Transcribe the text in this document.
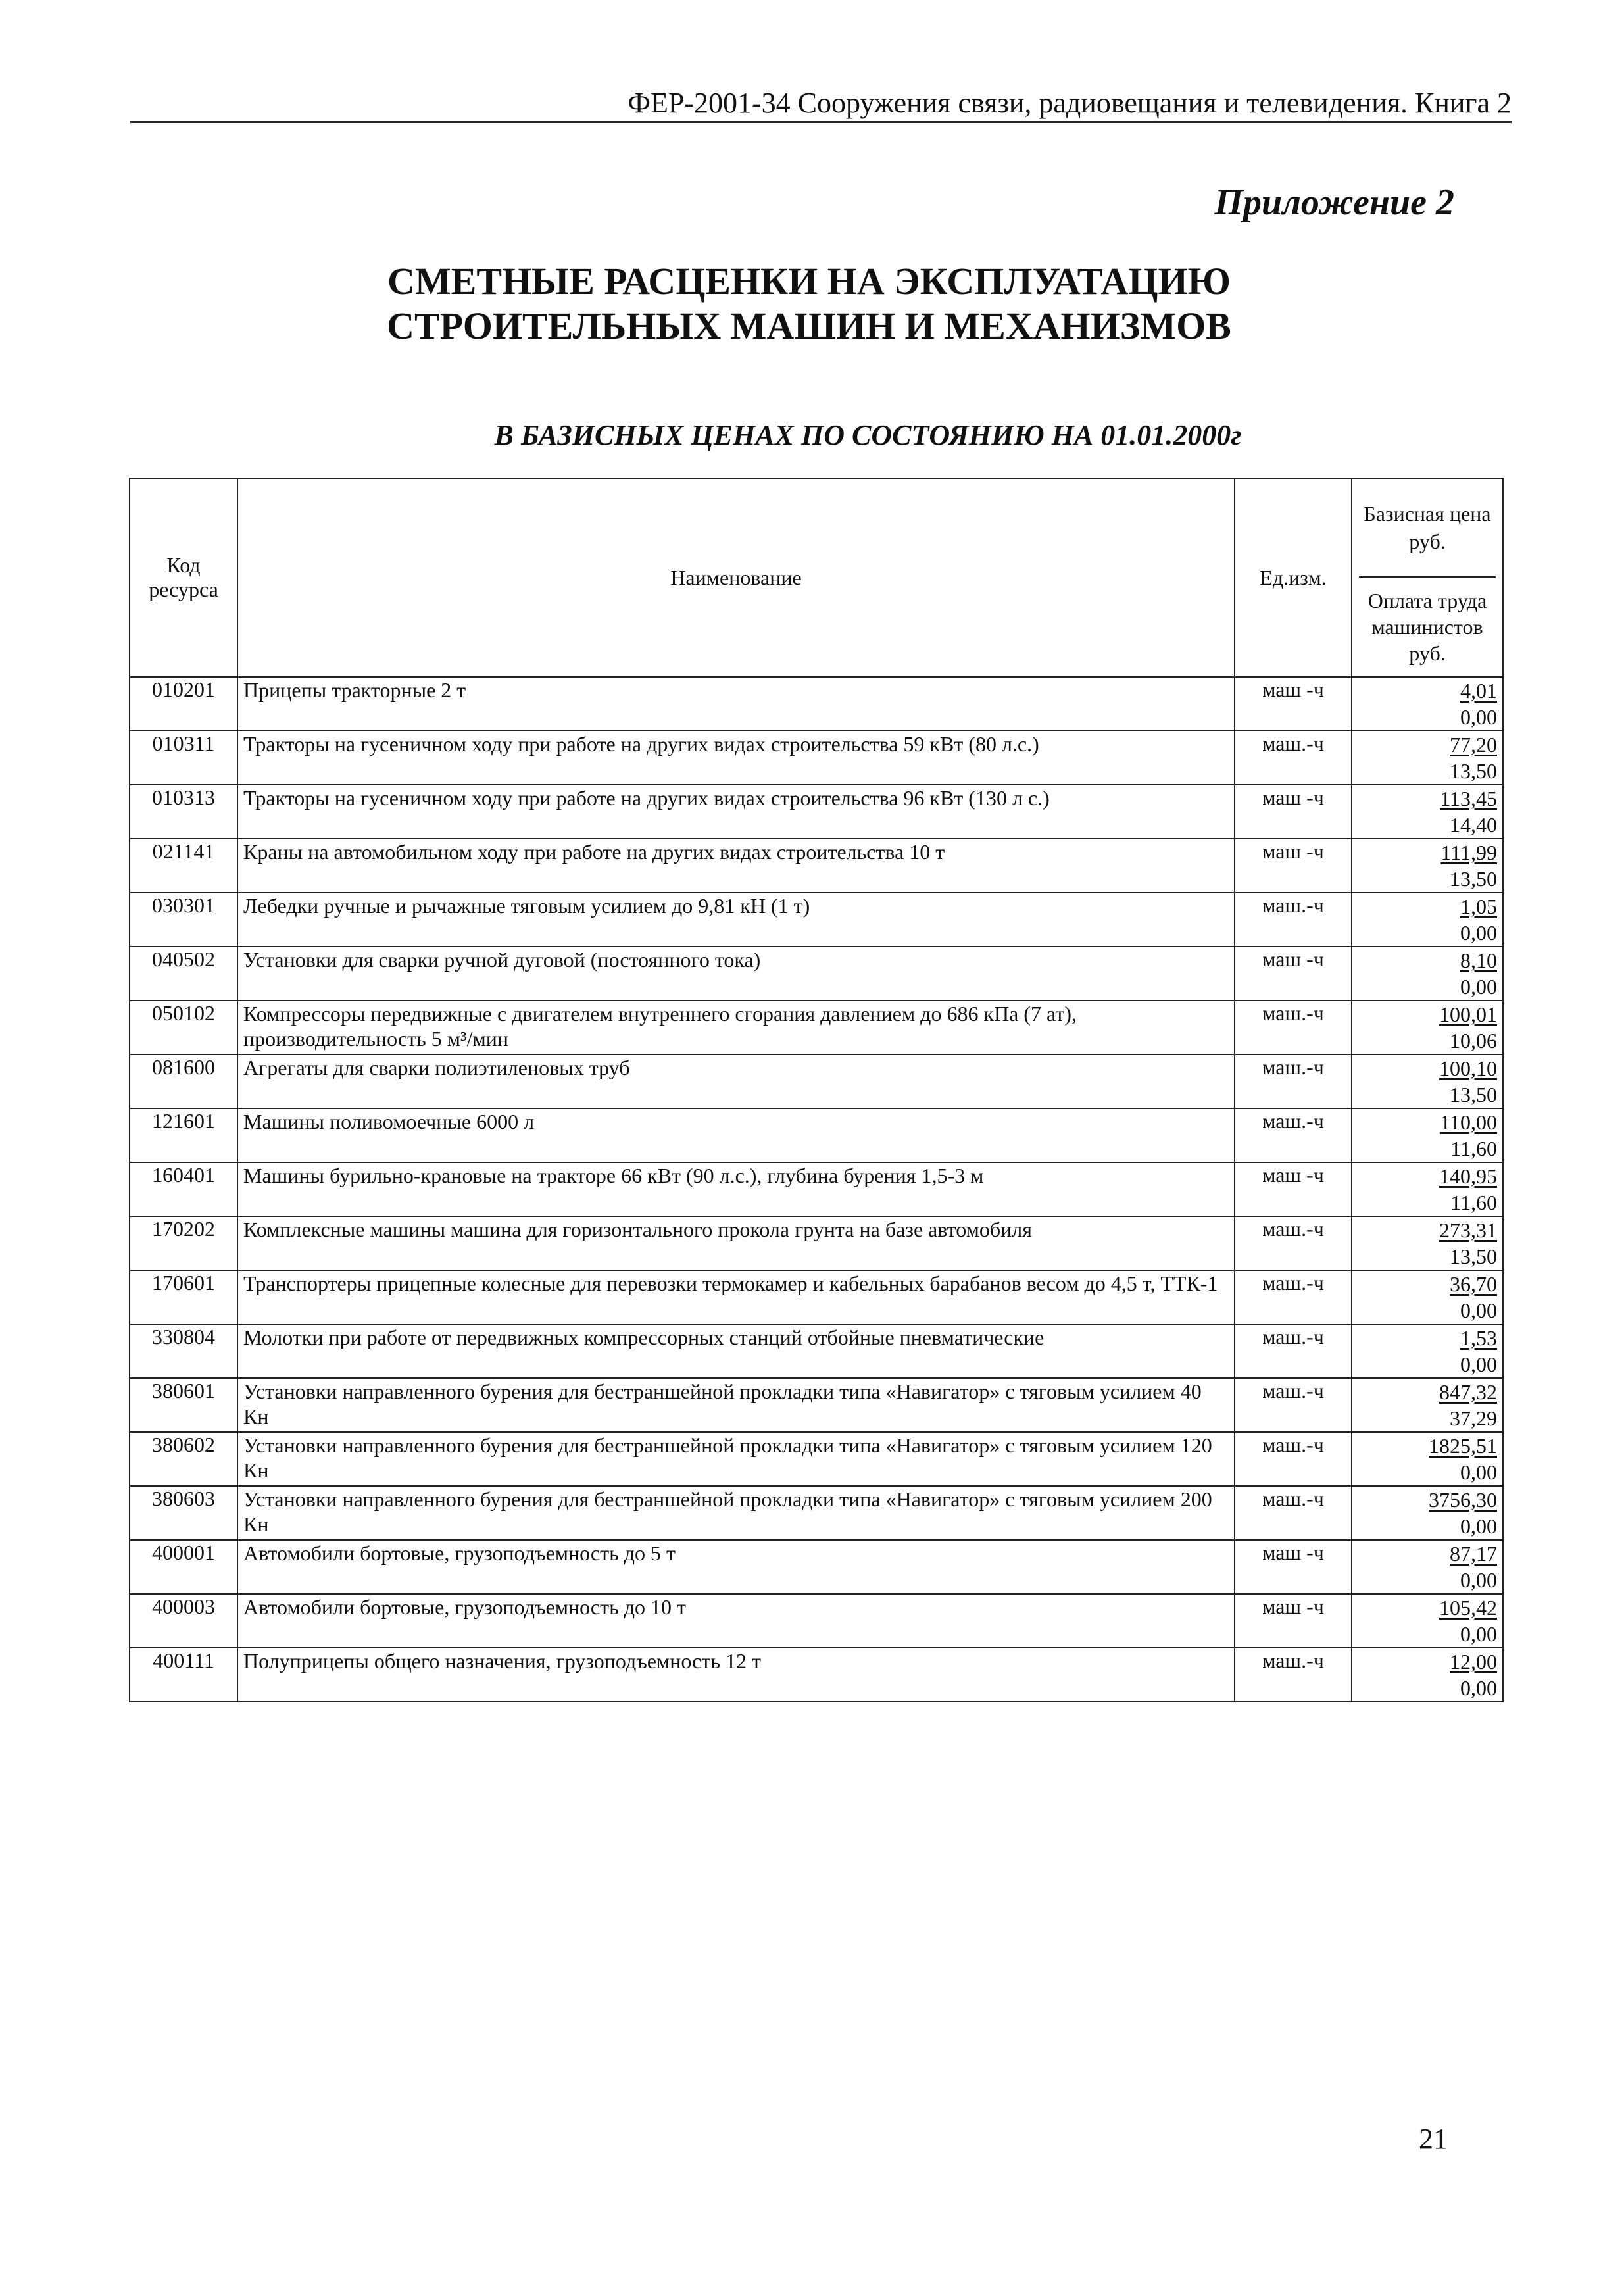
ФЕР-2001-34 Сооружения связи, радиовещания и телевидения. Книга 2
Приложение 2
СМЕТНЫЕ РАСЦЕНКИ НА ЭКСПЛУАТАЦИЮ
СТРОИТЕЛЬНЫХ МАШИН И МЕХАНИЗМОВ
В БАЗИСНЫХ ЦЕНАХ ПО СОСТОЯНИЮ НА 01.01.2000г
Код ресурса	Наименование	Ед.изм.	Базисная цена руб.
Оплата труда машинистов руб.

010201	Прицепы тракторные 2 т	маш -ч	4,01
0,00

010311	Тракторы на гусеничном ходу при работе на других видах строительства 59 кВт (80 л.с.)	маш.-ч	77,20
13,50

010313	Тракторы на гусеничном ходу при работе на других видах строительства 96 кВт (130 л с.)	маш -ч	113,45
14,40

021141	Краны на автомобильном ходу при работе на других видах строительства 10 т	маш -ч	111,99
13,50

030301	Лебедки ручные и рычажные тяговым усилием до 9,81 кН (1 т)	маш.-ч	1,05
0,00

040502	Установки для сварки ручной дуговой (постоянного тока)	маш -ч	8,10
0,00

050102	Компрессоры передвижные с двигателем внутреннего сгорания давлением до 686 кПа (7 ат), производительность 5 м³/мин	маш.-ч	100,01
10,06

081600	Агрегаты для сварки полиэтиленовых труб	маш.-ч	100,10
13,50

121601	Машины поливомоечные 6000 л	маш.-ч	110,00
11,60

160401	Машины бурильно-крановые на тракторе 66 кВт (90 л.с.), глубина бурения 1,5-3 м	маш -ч	140,95
11,60

170202	Комплексные машины машина для горизонтального прокола грунта на базе автомобиля	маш.-ч	273,31
13,50

170601	Транспортеры прицепные колесные для перевозки термокамер и кабельных барабанов весом до 4,5 т, ТТК-1	маш.-ч	36,70
0,00

330804	Молотки при работе от передвижных компрессорных станций отбойные пневматические	маш.-ч	1,53
0,00

380601	Установки направленного бурения для бестраншейной прокладки типа «Навигатор» с тяговым усилием 40 Кн	маш.-ч	847,32
37,29

380602	Установки направленного бурения для бестраншейной прокладки типа «Навигатор» с тяговым усилием 120 Кн	маш.-ч	1825,51
0,00

380603	Установки направленного бурения для бестраншейной прокладки типа «Навигатор» с тяговым усилием 200 Кн	маш.-ч	3756,30
0,00

400001	Автомобили бортовые, грузоподъемность до 5 т	маш -ч	87,17
0,00

400003	Автомобили бортовые, грузоподъемность до 10 т	маш -ч	105,42
0,00

400111	Полуприцепы общего назначения, грузоподъемность 12 т	маш.-ч	12,00
0,00
21
